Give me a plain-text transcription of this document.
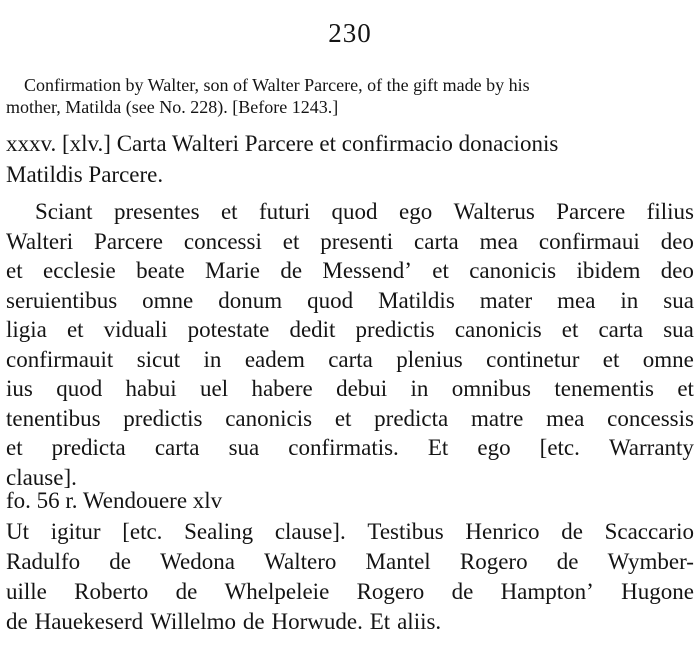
230
Confirmation by Walter, son of Walter Parcere, of the gift made by his
mother, Matilda (see No. 228). [Before 1243.]
xxxv. [xlv.] Carta Walteri Parcere et confirmacio donacionis
Matildis Parcere.
Sciant presentes et futuri quod ego Walterus Parcere filius
Walteri Parcere concessi et presenti carta mea confirmaui deo
et ecclesie beate Marie de Messend’ et canonicis ibidem deo
seruientibus omne donum quod Matildis mater mea in sua
ligia et viduali potestate dedit predictis canonicis et carta sua
confirmauit sicut in eadem carta plenius continetur et omne
ius quod habui uel habere debui in omnibus tenementis et
tenentibus predictis canonicis et predicta matre mea concessis
et predicta carta sua confirmatis. Et ego [etc. Warranty
clause].
fo. 56 r. Wendouere xlv
Ut igitur [etc. Sealing clause]. Testibus Henrico de Scaccario
Radulfo de Wedona Waltero Mantel Rogero de Wymber-
uille Roberto de Whelpeleie Rogero de Hampton’ Hugone
de Hauekeserd Willelmo de Horwude. Et aliis.
